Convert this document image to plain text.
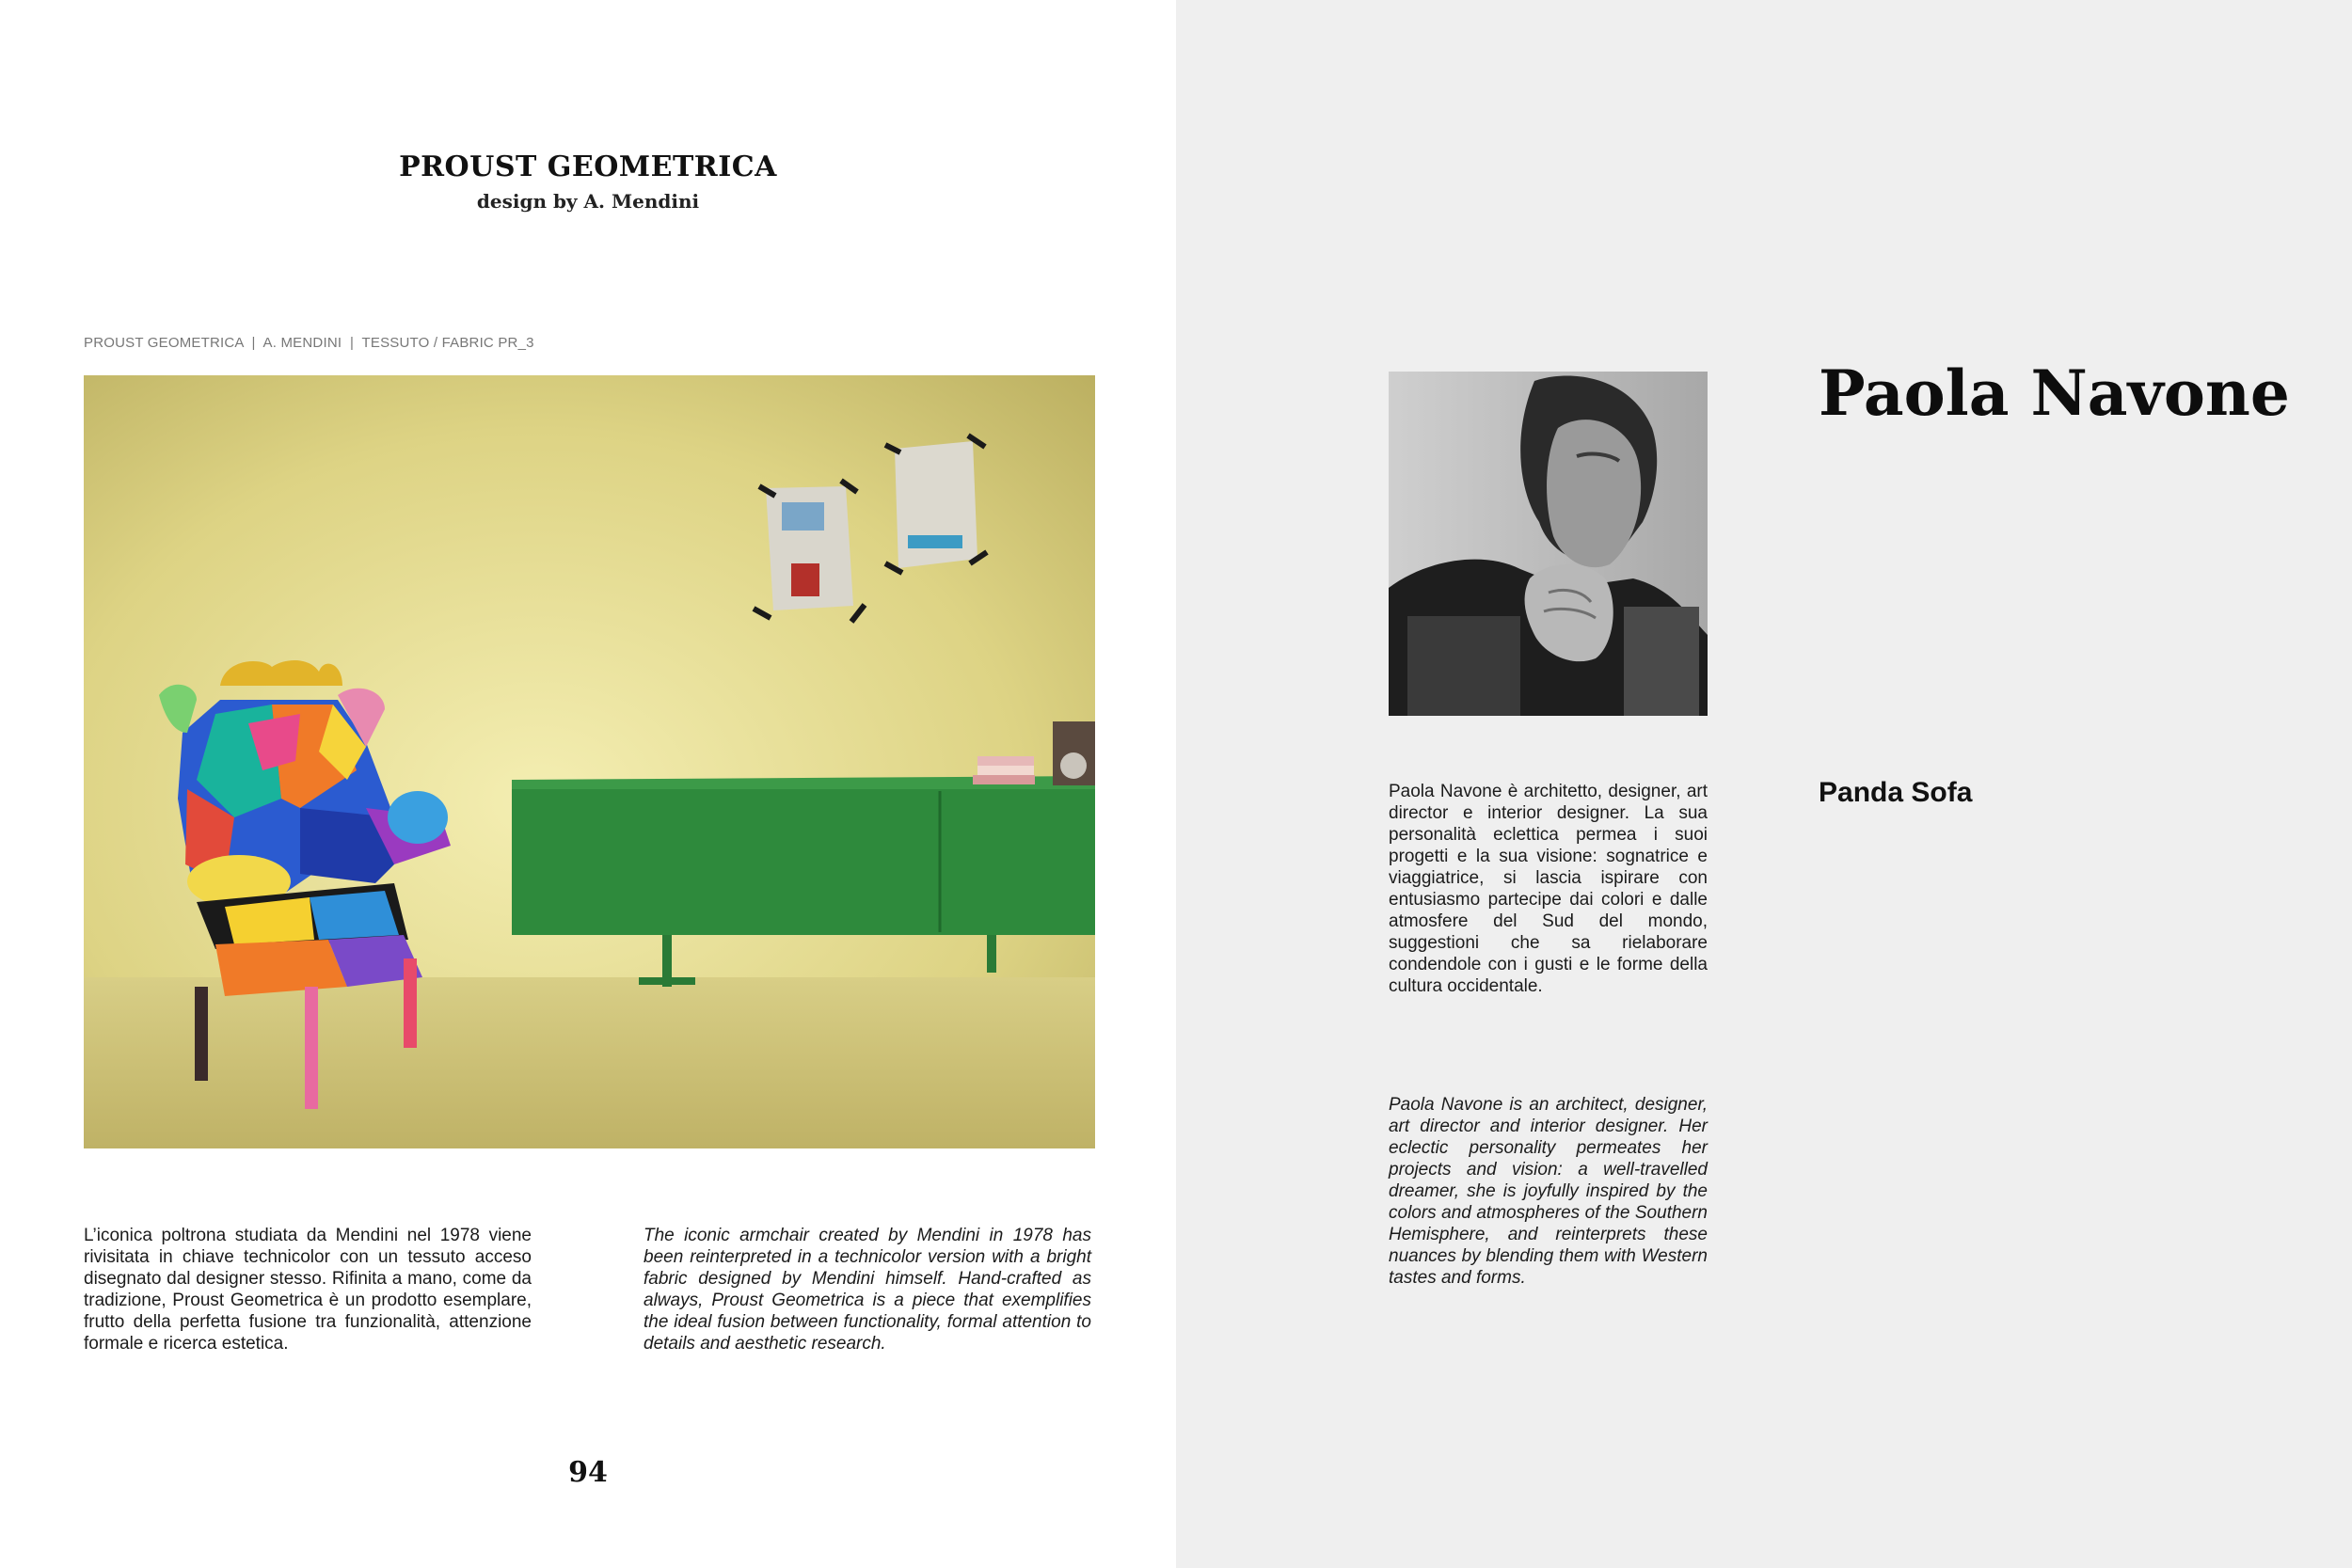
PROUST GEOMETRICA
design by A. Mendini
PROUST GEOMETRICA  |  A. MENDINI  |  TESSUTO / FABRIC PR_3
L’iconica poltrona studiata da Mendini nel 1978 viene rivisitata in chiave technicolor con un tessuto acceso disegnato dal designer stesso. Rifinita a mano, come da tradizione, Proust Geometrica è un prodotto esemplare, frutto della perfetta fusione tra funzionalità, attenzione formale e ricerca estetica.
The iconic armchair created by Mendini in 1978 has been reinterpreted in a technicolor version with a bright fabric designed by Mendini himself. Hand-crafted as always, Proust Geometrica is a piece that exemplifies the ideal fusion between functionality, formal attention to details and aesthetic research.
94
Paola Navone
Paola Navone è architetto, designer, art director e interior designer. La sua personalità eclettica permea i suoi progetti e la sua visione: sognatrice e viaggiatrice, si lascia ispirare con entusiasmo partecipe dai colori e dalle atmosfere del Sud del mondo, suggestioni che sa rielaborare condendole con i gusti e le forme della cultura occidentale.
Paola Navone is an architect, designer, art director and interior designer. Her eclectic personality permeates her projects and vision: a well-travelled dreamer, she is joyfully inspired by the colors and atmospheres of the Southern Hemisphere, and reinterprets these nuances by blending them with Western tastes and forms.
Panda Sofa
